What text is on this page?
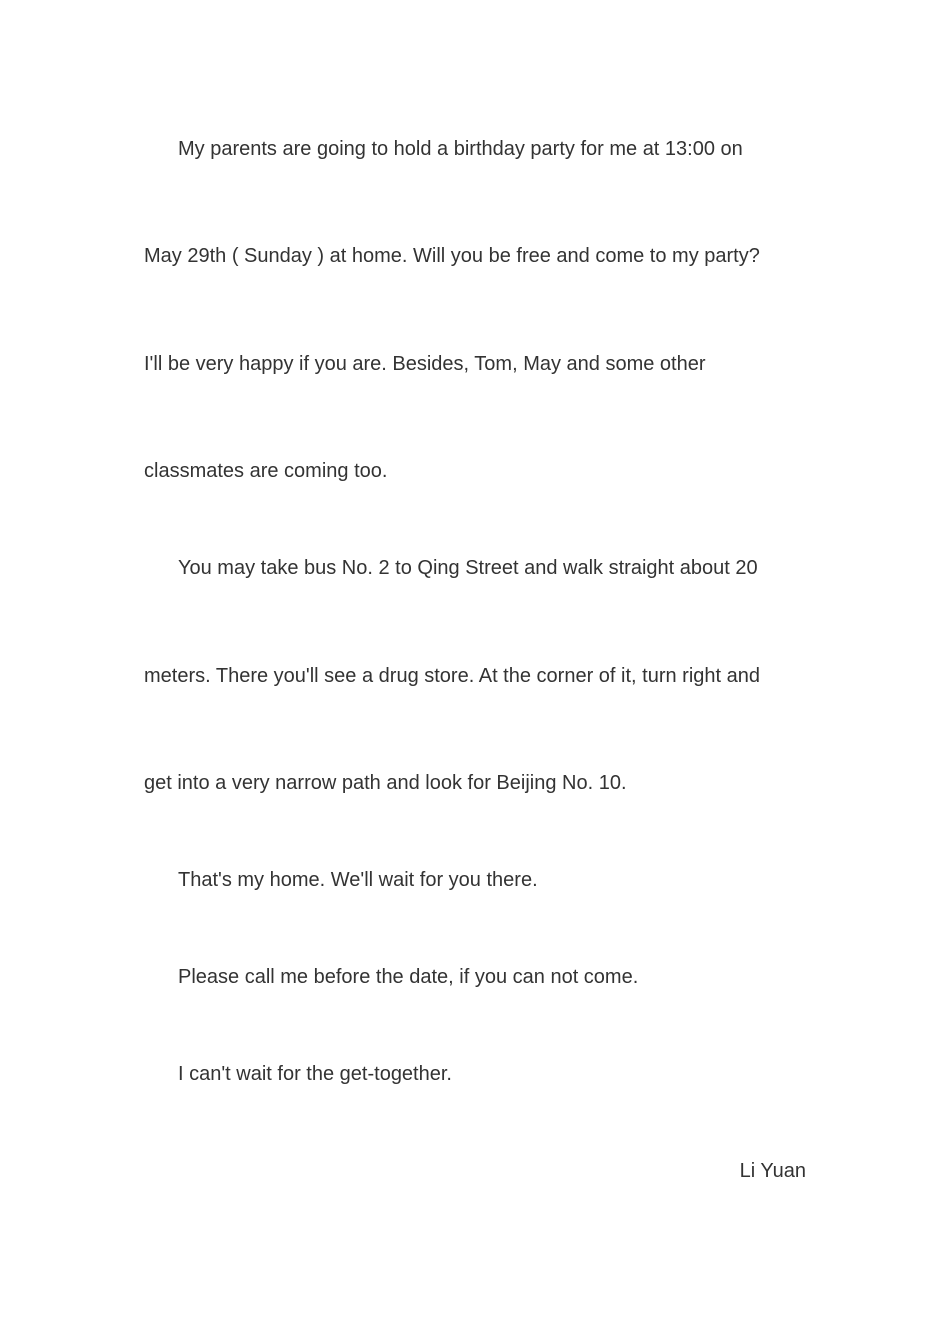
My parents are going to hold a birthday party for me at 13:00 on
May 29th ( Sunday ) at home. Will you be free and come to my party?
I'll be very happy if you are. Besides, Tom, May and some other
classmates are coming too.
You may take bus No. 2 to Qing Street and walk straight about 20
meters. There you'll see a drug store. At the corner of it, turn right and
get into a very narrow path and look for Beijing No. 10.
That's my home. We'll wait for you there.
Please call me before the date, if you can not come.
I can't wait for the get-together.
Li Yuan
